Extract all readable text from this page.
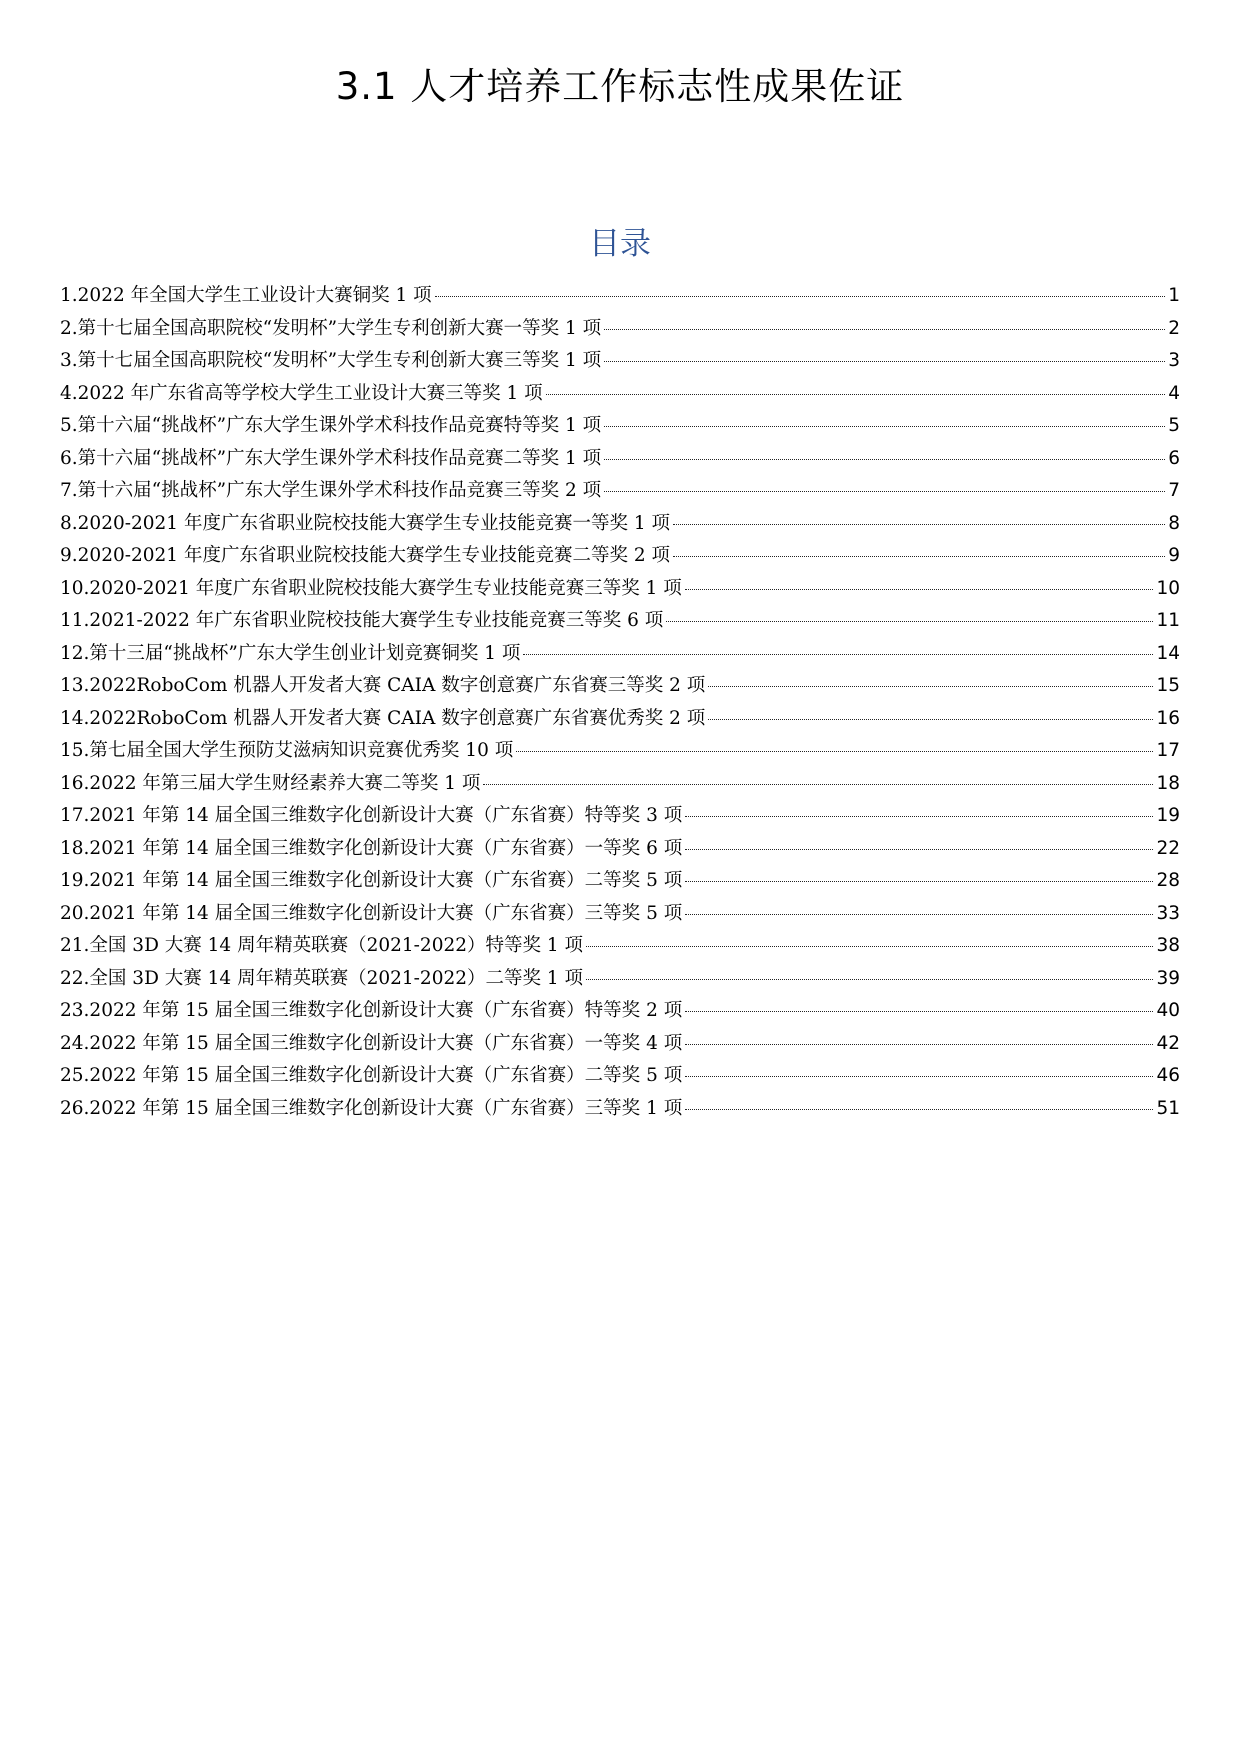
3.1 人才培养工作标志性成果佐证
目录
1.2022 年全国大学生工业设计大赛铜奖 1 项	1
2.第十七届全国高职院校“发明杯”大学生专利创新大赛一等奖 1 项	2
3.第十七届全国高职院校“发明杯”大学生专利创新大赛三等奖 1 项	3
4.2022 年广东省高等学校大学生工业设计大赛三等奖 1 项	4
5.第十六届“挑战杯”广东大学生课外学术科技作品竞赛特等奖 1 项	5
6.第十六届“挑战杯”广东大学生课外学术科技作品竞赛二等奖 1 项	6
7.第十六届“挑战杯”广东大学生课外学术科技作品竞赛三等奖 2 项	7
8.2020-2021 年度广东省职业院校技能大赛学生专业技能竞赛一等奖 1 项	8
9.2020-2021 年度广东省职业院校技能大赛学生专业技能竞赛二等奖 2 项	9
10.2020-2021 年度广东省职业院校技能大赛学生专业技能竞赛三等奖 1 项	10
11.2021-2022 年广东省职业院校技能大赛学生专业技能竞赛三等奖 6 项	11
12.第十三届“挑战杯”广东大学生创业计划竞赛铜奖 1 项	14
13.2022RoboCom 机器人开发者大赛 CAIA 数字创意赛广东省赛三等奖 2 项	15
14.2022RoboCom 机器人开发者大赛 CAIA 数字创意赛广东省赛优秀奖 2 项	16
15.第七届全国大学生预防艾滋病知识竞赛优秀奖 10 项	17
16.2022 年第三届大学生财经素养大赛二等奖 1 项	18
17.2021 年第 14 届全国三维数字化创新设计大赛（广东省赛）特等奖 3 项	19
18.2021 年第 14 届全国三维数字化创新设计大赛（广东省赛）一等奖 6 项	22
19.2021 年第 14 届全国三维数字化创新设计大赛（广东省赛）二等奖 5 项	28
20.2021 年第 14 届全国三维数字化创新设计大赛（广东省赛）三等奖 5 项	33
21.全国 3D 大赛 14 周年精英联赛（2021-2022）特等奖 1 项	38
22.全国 3D 大赛 14 周年精英联赛（2021-2022）二等奖 1 项	39
23.2022 年第 15 届全国三维数字化创新设计大赛（广东省赛）特等奖 2 项	40
24.2022 年第 15 届全国三维数字化创新设计大赛（广东省赛）一等奖 4 项	42
25.2022 年第 15 届全国三维数字化创新设计大赛（广东省赛）二等奖 5 项	46
26.2022 年第 15 届全国三维数字化创新设计大赛（广东省赛）三等奖 1 项	51
